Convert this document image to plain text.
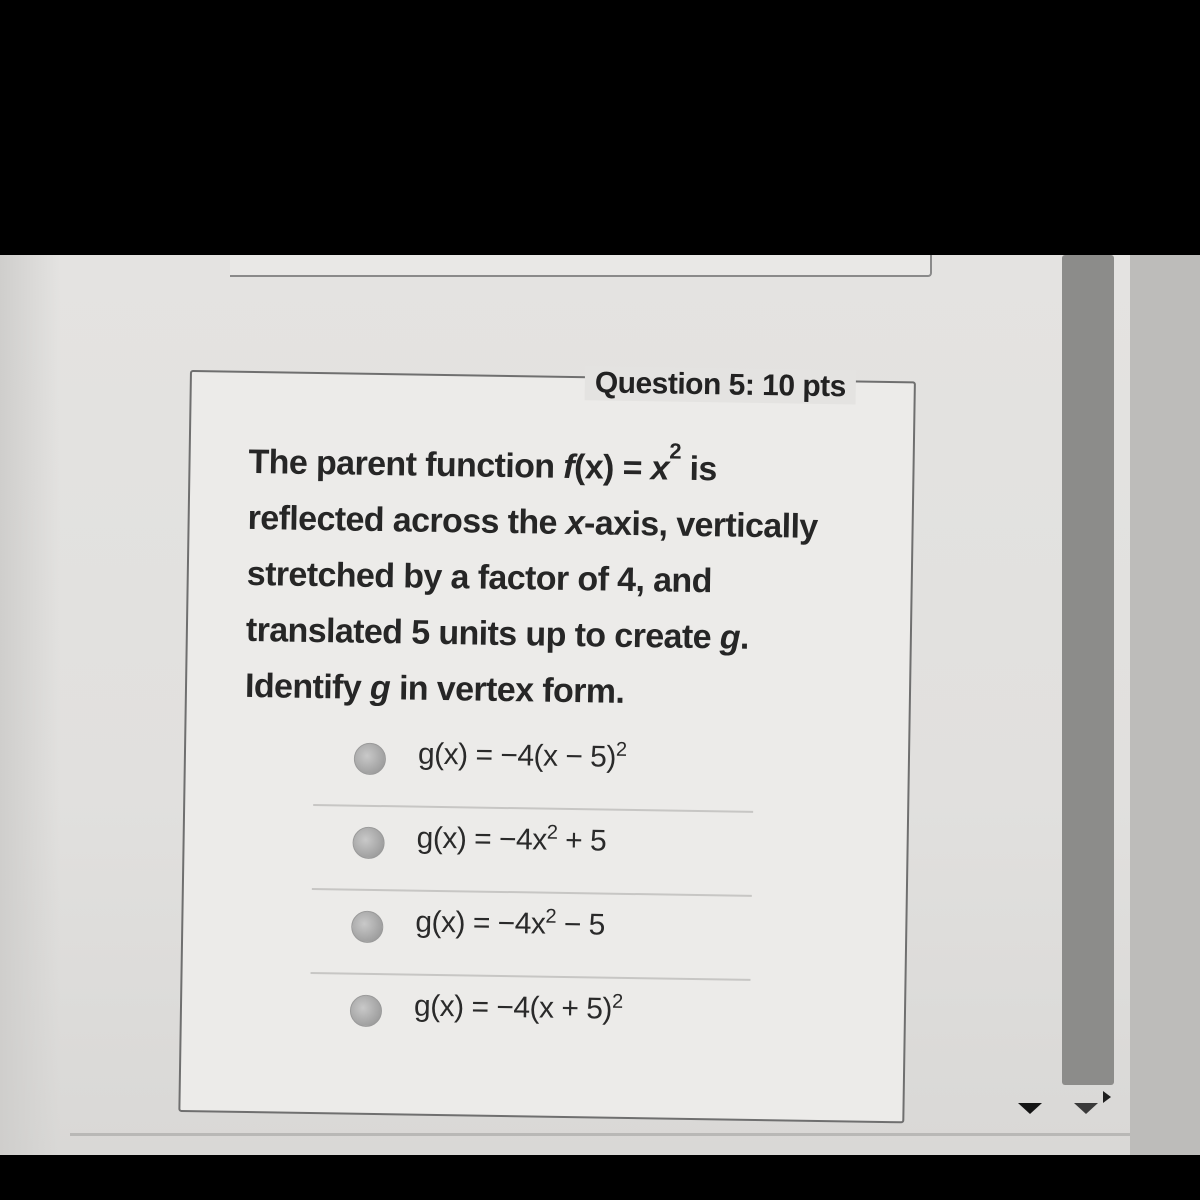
Question 5: 10 pts
The parent function $f(x) = x^2$ is
reflected across the x-axis, vertically
stretched by a factor of 4, and
translated 5 units up to create g.
Identify g in vertex form.
$g(x) = -4(x - 5)^2$
$g(x) = -4x^2 + 5$
$g(x) = -4x^2 - 5$
$g(x) = -4(x + 5)^2$
